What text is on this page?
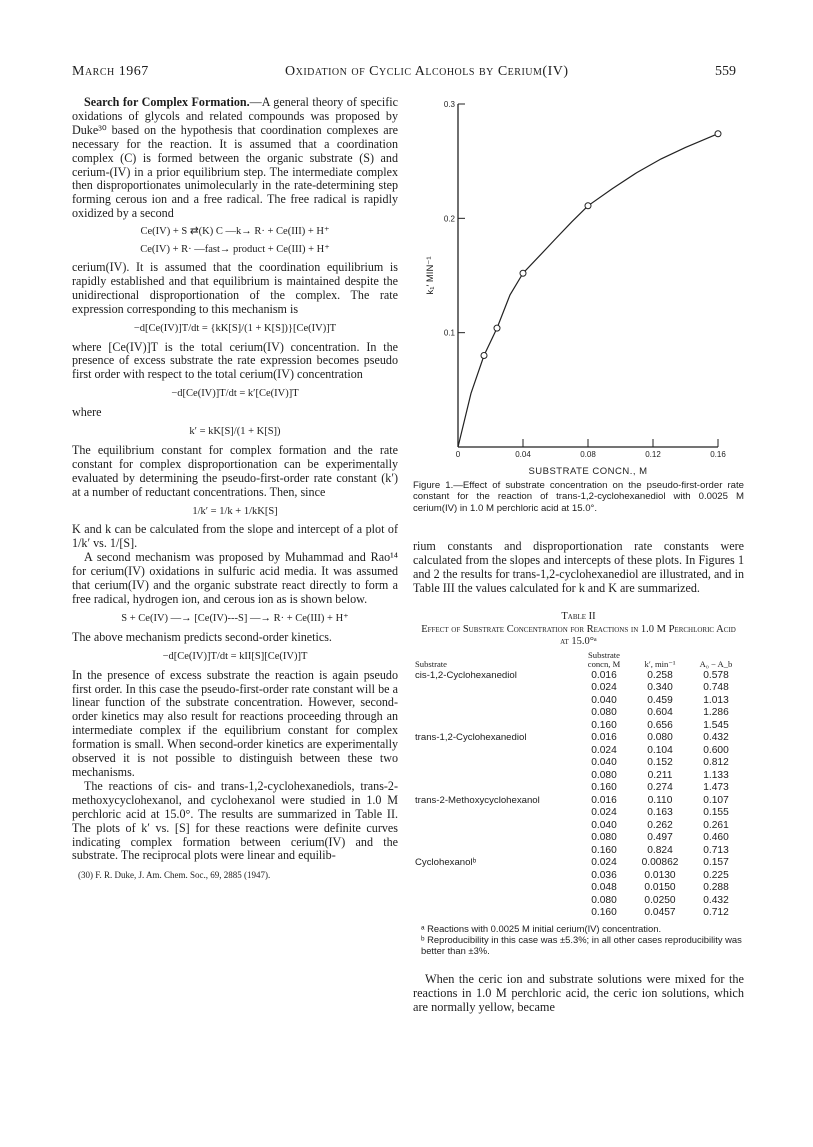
March 1967	Oxidation of Cyclic Alcohols by Cerium(IV)	559

Search for Complex Formation.—A general theory of specific oxidations of glycols and related compounds was proposed by Duke³⁰ based on the hypothesis that coordination complexes are necessary for the reaction. It is assumed that a coordination complex (C) is formed between the organic substrate (S) and cerium-(IV) in a prior equilibrium step. The intermediate complex then disproportionates unimolecularly in the rate-determining step forming cerous ion and a free radical. The free radical is rapidly oxidized by a second

Ce(IV) + S ⇄(K) C —k→ R· + Ce(III) + H⁺
Ce(IV) + R· —fast→ product + Ce(III) + H⁺

cerium(IV). It is assumed that the coordination equilibrium is rapidly established and that equilibrium is maintained despite the unidirectional disproportionation of the complex. The rate expression corresponding to this mechanism is

−d[Ce(IV)]T/dt = {kK[S]/(1 + K[S])}[Ce(IV)]T

where [Ce(IV)]T is the total cerium(IV) concentration. In the presence of excess substrate the rate expression becomes pseudo first order with respect to the total cerium(IV) concentration

−d[Ce(IV)]T/dt = k′[Ce(IV)]T

where

k′ = kK[S]/(1 + K[S])

The equilibrium constant for complex formation and the rate constant for complex disproportionation can be experimentally evaluated by determining the pseudo-first-order rate constant (k′) at a number of reductant concentrations. Then, since

1/k′ = 1/k + 1/kK[S]

K and k can be calculated from the slope and intercept of a plot of 1/k′ vs. 1/[S].

A second mechanism was proposed by Muhammad and Rao¹⁴ for cerium(IV) oxidations in sulfuric acid media. It was assumed that cerium(IV) and the organic substrate react directly to form a free radical, hydrogen ion, and cerous ion as is shown below.

S + Ce(IV) —→ [Ce(IV)---S] —→ R· + Ce(III) + H⁺

The above mechanism predicts second-order kinetics.

−d[Ce(IV)]T/dt = kII[S][Ce(IV)]T

In the presence of excess substrate the reaction is again pseudo first order. In this case the pseudo-first-order rate constant will be a linear function of the substrate concentration. However, second-order kinetics may also result for reactions proceeding through an intermediate complex if the equilibrium constant for complex formation is small. When second-order kinetics are experimentally observed it is not possible to distinguish between these two mechanisms.

The reactions of cis- and trans-1,2-cyclohexanediols, trans-2-methoxycyclohexanol, and cyclohexanol were studied in 1.0 M perchloric acid at 15.0°. The results are summarized in Table II. The plots of k′ vs. [S] for these reactions were definite curves indicating complex formation between cerium(IV) and the substrate. The reciprocal plots were linear and equilib-

(30) F. R. Duke, J. Am. Chem. Soc., 69, 2885 (1947).
0.1
0.2
0.3
0	0.04	0.08	0.12	0.16
SUBSTRATE CONCN., M
k₁′ MIN⁻¹
Figure 1.—Effect of substrate concentration on the pseudo-first-order rate constant for the reaction of trans-1,2-cyclohexanediol with 0.0025 M cerium(IV) in 1.0 M perchloric acid at 15.0°.

rium constants and disproportionation rate constants were calculated from the slopes and intercepts of these plots. In Figures 1 and 2 the results for trans-1,2-cyclohexanediol are illustrated, and in Table III the values calculated for k and K are summarized.

Table II
Effect of Substrate Concentration for Reactions in 1.0 M Perchloric Acid at 15.0°ᵃ
Substrate	Substrate concn, M	k′, min⁻¹	A₀ − A_b
cis-1,2-Cyclohexanediol	0.016	0.258	0.578
	0.024	0.340	0.748
	0.040	0.459	1.013
	0.080	0.604	1.286
	0.160	0.656	1.545
trans-1,2-Cyclohexanediol	0.016	0.080	0.432
	0.024	0.104	0.600
	0.040	0.152	0.812
	0.080	0.211	1.133
	0.160	0.274	1.473
trans-2-Methoxycyclohexanol	0.016	0.110	0.107
	0.024	0.163	0.155
	0.040	0.262	0.261
	0.080	0.497	0.460
	0.160	0.824	0.713
Cyclohexanolᵇ	0.024	0.00862	0.157
	0.036	0.0130	0.225
	0.048	0.0150	0.288
	0.080	0.0250	0.432
	0.160	0.0457	0.712
ᵃ Reactions with 0.0025 M initial cerium(IV) concentration.
ᵇ Reproducibility in this case was ±5.3%; in all other cases reproducibility was better than ±3%.

When the ceric ion and substrate solutions were mixed for the reactions in 1.0 M perchloric acid, the ceric ion solutions, which are normally yellow, became
